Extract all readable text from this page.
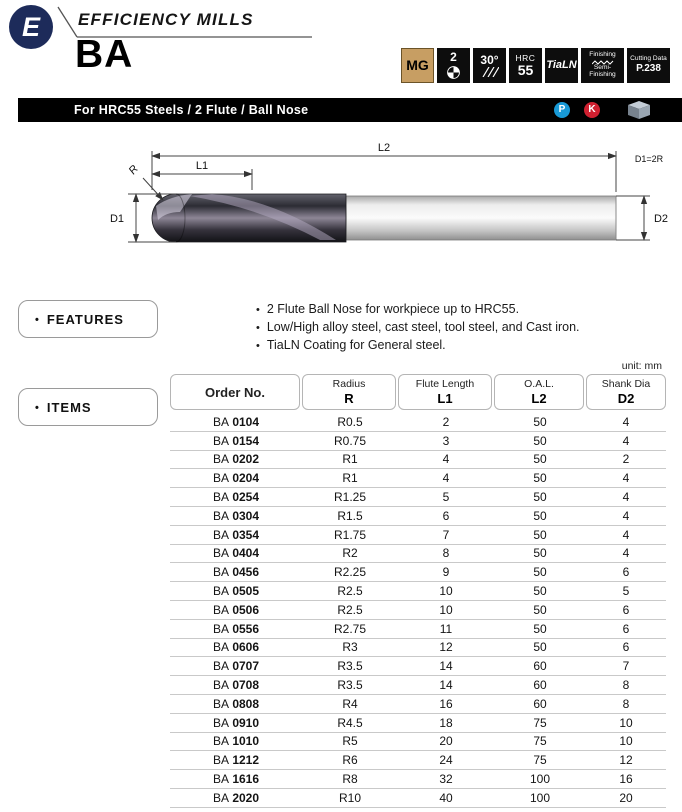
E EFFICIENCY MILLS
BA	MG 2 30° HRC
55 TiaLN
Finishing
Semi-Finishing
Cutting Data
P.238
For HRC55 Steels / 2 Flute / Ball Nose	P	K
L2
L1
R
D1	D2
D1=2R
• FEATURES
• 2 Flute Ball Nose for workpiece up to HRC55.
• Low/High alloy steel, cast steel, tool steel, and Cast iron.
• TiaLN Coating for General steel.
unit: mm
• ITEMS
Order No.
Radius
R
Flute Length
L1
O.A.L.
L2
Shank Dia
D2
BA 0104	R0.5	2	50	4
BA 0154	R0.75	3	50	4
BA 0202	R1	4	50	2
BA 0204	R1	4	50	4
BA 0254	R1.25	5	50	4
BA 0304	R1.5	6	50	4
BA 0354	R1.75	7	50	4
BA 0404	R2	8	50	4
BA 0456	R2.25	9	50	6
BA 0505	R2.5	10	50	5
BA 0506	R2.5	10	50	6
BA 0556	R2.75	11	50	6
BA 0606	R3	12	50	6
BA 0707	R3.5	14	60	7
BA 0708	R3.5	14	60	8
BA 0808	R4	16	60	8
BA 0910	R4.5	18	75	10
BA 1010	R5	20	75	10
BA 1212	R6	24	75	12
BA 1616	R8	32	100	16
BA 2020	R10	40	100	20
